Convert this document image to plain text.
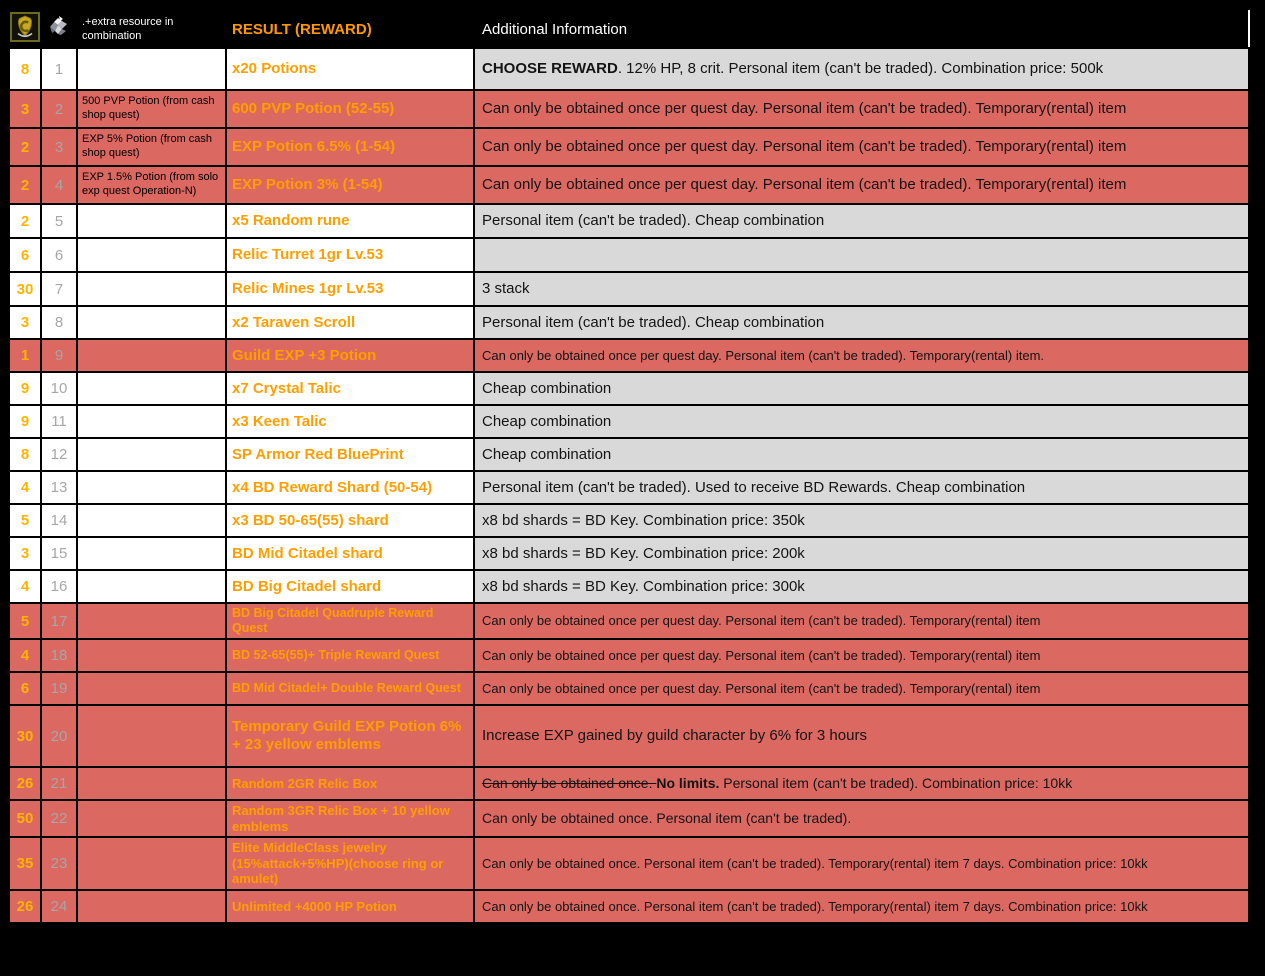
		.+extra resource in combination	RESULT (REWARD)	Additional Information
8	1		x20 Potions	CHOOSE REWARD. 12% HP, 8 crit. Personal item (can't be traded). Combination price: 500k
3	2	500 PVP Potion (from cash shop quest)	600 PVP Potion (52-55)	Can only be obtained once per quest day. Personal item (can't be traded). Temporary(rental) item
2	3	EXP 5% Potion (from cash shop quest)	EXP Potion 6.5% (1-54)	Can only be obtained once per quest day. Personal item (can't be traded). Temporary(rental) item
2	4	EXP 1.5% Potion (from solo exp quest Operation-N)	EXP Potion 3% (1-54)	Can only be obtained once per quest day. Personal item (can't be traded). Temporary(rental) item
2	5		x5 Random rune	Personal item (can't be traded). Cheap combination
6	6		Relic Turret 1gr Lv.53	
30	7		Relic Mines 1gr Lv.53	3 stack
3	8		x2 Taraven Scroll	Personal item (can't be traded). Cheap combination
1	9		Guild EXP +3 Potion	Can only be obtained once per quest day. Personal item (can't be traded). Temporary(rental) item.
9	10		x7 Crystal Talic	Cheap combination
9	11		x3 Keen Talic	Cheap combination
8	12		SP Armor Red BluePrint	Cheap combination
4	13		x4 BD Reward Shard (50-54)	Personal item (can't be traded). Used to receive BD Rewards. Cheap combination
5	14		x3 BD 50-65(55) shard	x8 bd shards = BD Key. Combination price: 350k
3	15		BD Mid Citadel shard	x8 bd shards = BD Key. Combination price: 200k
4	16		BD Big Citadel shard	x8 bd shards = BD Key. Combination price: 300k
5	17		BD Big Citadel Quadruple Reward Quest	Can only be obtained once per quest day. Personal item (can't be traded). Temporary(rental) item
4	18		BD 52-65(55)+ Triple Reward Quest	Can only be obtained once per quest day. Personal item (can't be traded). Temporary(rental) item
6	19		BD Mid Citadel+ Double Reward Quest	Can only be obtained once per quest day. Personal item (can't be traded). Temporary(rental) item
30	20		Temporary Guild EXP Potion 6% + 23 yellow emblems	Increase EXP gained by guild character by 6% for 3 hours
26	21		Random 2GR Relic Box	Can only be obtained once. No limits. Personal item (can't be traded). Combination price: 10kk
50	22		Random 3GR Relic Box + 10 yellow emblems	Can only be obtained once. Personal item (can't be traded).
35	23		Elite MiddleClass jewelry (15%attack+5%HP)(choose ring or amulet)	Can only be obtained once. Personal item (can't be traded). Temporary(rental) item 7 days. Combination price: 10kk
26	24		Unlimited +4000 HP Potion	Can only be obtained once. Personal item (can't be traded). Temporary(rental) item 7 days. Combination price: 10kk
